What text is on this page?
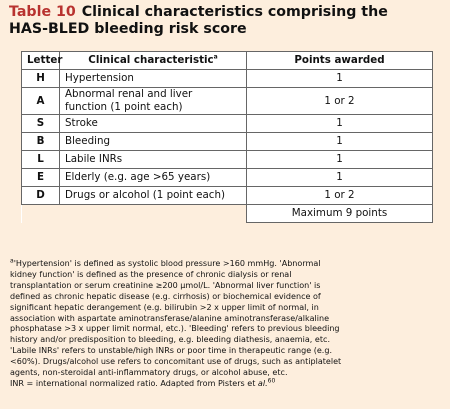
Table 10 Clinical characteristics comprising the
HAS-BLED bleeding risk score
Letter	Clinical characteristic$^a$	Points awarded
H	Hypertension	1
A	Abnormal renal and liver
function (1 point each)	1 or 2
S	Stroke	1
B	Bleeding	1
L	Labile INRs	1
E	Elderly (e.g. age >65 years)	1
D	Drugs or alcohol (1 point each)	1 or 2
		Maximum 9 points

$^a$'Hypertension' is defined as systolic blood pressure >160 mmHg. 'Abnormal

kidney function' is defined as the presence of chronic dialysis or renal

transplantation or serum creatinine ≥200 μmol/L. 'Abnormal liver function' is

defined as chronic hepatic disease (e.g. cirrhosis) or biochemical evidence of

significant hepatic derangement (e.g. bilirubin >2 x upper limit of normal, in

association with aspartate aminotransferase/alanine aminotransferase/alkaline

phosphatase >3 x upper limit normal, etc.). 'Bleeding' refers to previous bleeding

history and/or predisposition to bleeding, e.g. bleeding diathesis, anaemia, etc.

'Labile INRs' refers to unstable/high INRs or poor time in therapeutic range (e.g.

<60%). Drugs/alcohol use refers to concomitant use of drugs, such as antiplatelet

agents, non-steroidal anti-inflammatory drugs, or alcohol abuse, etc.

INR = international normalized ratio. Adapted from Pisters et al.$^{60}$
